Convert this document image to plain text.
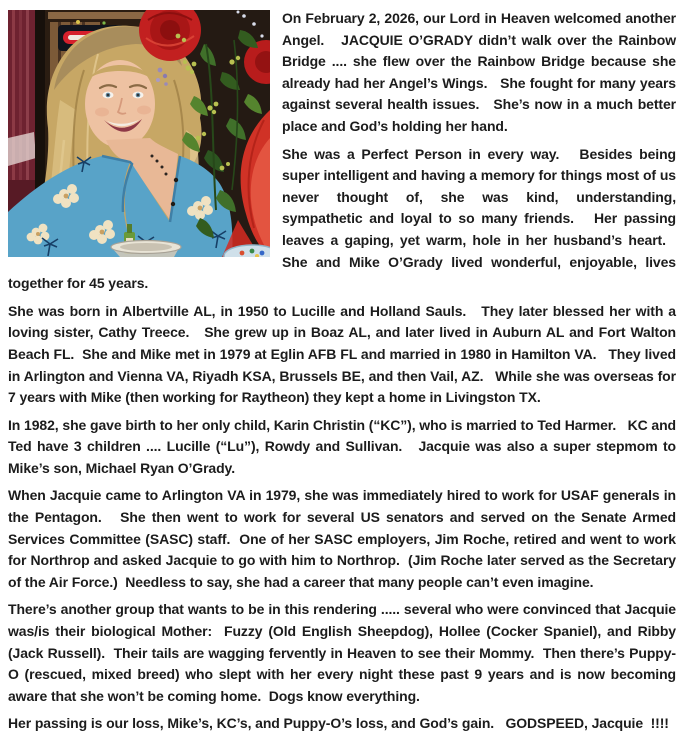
On February 2, 2026, our Lord in Heaven welcomed another Angel.   JACQUIE O’GRADY didn’t walk over the Rainbow Bridge .... she flew over the Rainbow Bridge because she already had her Angel’s Wings.   She fought for many years against several health issues.   She’s now in a much better place and God’s holding her hand.

She was a Perfect Person in every way.   Besides being super intelligent and having a memory for things most of us never thought of, she was kind, understanding, sympathetic and loyal to so many friends.   Her passing leaves a gaping, yet warm, hole in her husband’s heart.   She and Mike O’Grady lived wonderful, enjoyable, lives together for 45 years.

She was born in Albertville AL, in 1950 to Lucille and Holland Sauls.   They later blessed her with a loving sister, Cathy Treece.   She grew up in Boaz AL, and later lived in Auburn AL and Fort Walton Beach FL.  She and Mike met in 1979 at Eglin AFB FL and married in 1980 in Hamilton VA.   They lived in Arlington and Vienna VA, Riyadh KSA, Brussels BE, and then Vail, AZ.   While she was overseas for 7 years with Mike (then working for Raytheon) they kept a home in Livingston TX.

In 1982, she gave birth to her only child, Karin Christin (“KC”), who is married to Ted Harmer.   KC and Ted have 3 children .... Lucille (“Lu”), Rowdy and Sullivan.   Jacquie was also a super stepmom to Mike’s son, Michael Ryan O’Grady.

When Jacquie came to Arlington VA in 1979, she was immediately hired to work for USAF generals in the Pentagon.   She then went to work for several US senators and served on the Senate Armed Services Committee (SASC) staff.  One of her SASC employers, Jim Roche, retired and went to work for Northrop and asked Jacquie to go with him to Northrop.  (Jim Roche later served as the Secretary of the Air Force.)  Needless to say, she had a career that many people can’t even imagine.

There’s another group that wants to be in this rendering ..... several who were convinced that Jacquie was/is their biological Mother:  Fuzzy (Old English Sheepdog), Hollee (Cocker Spaniel), and Ribby (Jack Russell).  Their tails are wagging fervently in Heaven to see their Mommy.  Then there’s Puppy-O (rescued, mixed breed) who slept with her every night these past 9 years and is now becoming aware that she won’t be coming home.  Dogs know everything.

Her passing is our loss, Mike’s, KC’s, and Puppy-O’s loss, and God’s gain.   GODSPEED, Jacquie  !!!!
